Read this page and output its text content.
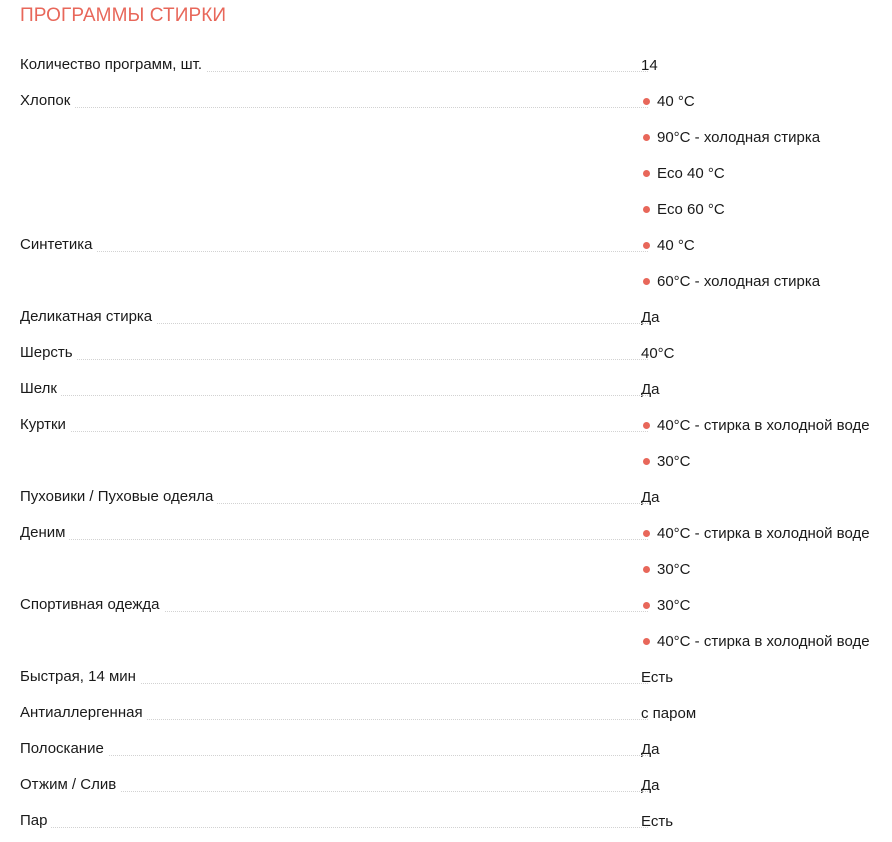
ПРОГРАММЫ СТИРКИ
Количество программ, шт.	14
Хлопок	40 °C
90°C - холодная стирка
Eco 40 °C
Eco 60 °C
Синтетика	40 °C
60°C - холодная стирка
Деликатная стирка	Да
Шерсть	40°C
Шелк	Да
Куртки	40°C - стирка в холодной воде
30°C
Пуховики / Пуховые одеяла	Да
Деним	40°C - стирка в холодной воде
30°C
Спортивная одежда	30°C
40°C - стирка в холодной воде
Быстрая, 14 мин	Есть
Антиаллергенная	с паром
Полоскание	Да
Отжим / Слив	Да
Пар	Есть
